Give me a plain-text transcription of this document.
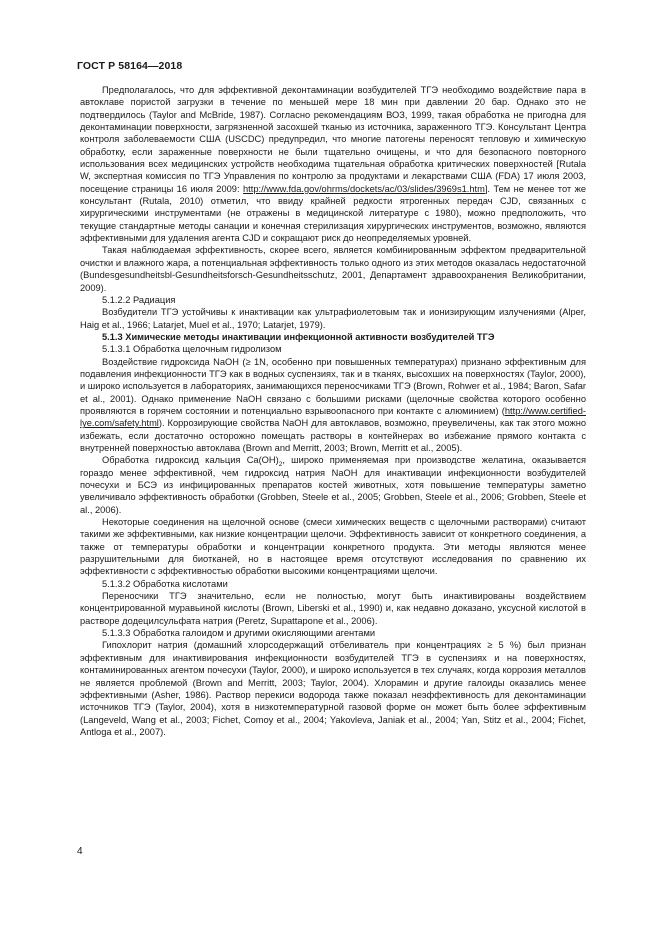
ГОСТ Р 58164—2018

Предполагалось, что для эффективной деконтаминации возбудителей ТГЭ необходимо воздействие пара в автоклаве пористой загрузки в течение по меньшей мере 18 мин при давлении 20 бар. Однако это не подтвердилось (Taylor and McBride, 1987). Согласно рекомендациям ВОЗ, 1999, такая обработка не пригодна для деконтаминации поверхности, загрязненной засохшей тканью из источника, зараженного ТГЭ. Консультант Центра контроля заболеваемости США (USCDC) предупредил, что многие патогены переносят тепловую и химическую обработку, если зараженные поверхности не были тщательно очищены, и что для безопасного повторного использования всех медицинских устройств необходима тщательная обработка критических поверхностей [Rutala W, экспертная комиссия по ТГЭ Управления по контролю за продуктами и лекарствами США (FDA) 17 июля 2003, посещение страницы 16 июля 2009: http://www.fda.gov/ohrms/dockets/ac/03/slides/3969s1.htm]. Тем не менее тот же консультант (Rutala, 2010) отметил, что ввиду крайней редкости ятрогенных передач CJD, связанных с хирургическими инструментами (не отражены в медицинской литературе с 1980), можно предположить, что текущие стандартные методы санации и конечная стерилизация хирургических инструментов, возможно, являются эффективными для удаления агента CJD и сокращают риск до неопределяемых уровней.

Такая наблюдаемая эффективность, скорее всего, является комбинированным эффектом предварительной очистки и влажного жара, а потенциальная эффективность только одного из этих методов оказалась недостаточной (Bundesgesundheitsbl-Gesundheitsforsch-Gesundheitsschutz, 2001, Департамент здравоохранения Великобритании, 2009).

5.1.2.2 Радиация

Возбудители ТГЭ устойчивы к инактивации как ультрафиолетовым так и ионизирующим излучениями (Alper, Haig et al., 1966; Latarjet, Muel et al., 1970; Latarjet, 1979).

5.1.3 Химические методы инактивации инфекционной активности возбудителей ТГЭ

5.1.3.1 Обработка щелочным гидролизом

Воздействие гидроксида NaOH (≥ 1N, особенно при повышенных температурах) признано эффективным для подавления инфекционности ТГЭ как в водных суспензиях, так и в тканях, высохших на поверхностях (Taylor, 2000), и широко используется в лабораториях, занимающихся переносчиками ТГЭ (Brown, Rohwer et al., 1984; Baron, Safar et al., 2001). Однако применение NaOH связано с большими рисками (щелочные свойства которого особенно проявляются в горячем состоянии и потенциально взрывоопасного при контакте с алюминием) (http://www.certified-lye.com/safety.html). Коррозирующие свойства NaOH для автоклавов, возможно, преувеличены, как так этого можно избежать, если достаточно осторожно помещать растворы в контейнерах во избежание прямого контакта с внутренней поверхностью автоклава (Brown and Merritt, 2003; Brown, Merritt et al., 2005).

Обработка гидроксид кальция $Ca(OH)_2$, широко применяемая при производстве желатина, оказывается гораздо менее эффективной, чем гидроксид натрия NaOH для инактивации инфекционности возбудителей почесухи и БСЭ из инфицированных препаратов костей животных, хотя повышение температуры заметно увеличивало эффективность обработки (Grobben, Steele et al., 2005; Grobben, Steele et al., 2006; Grobben, Steele et al., 2006).

Некоторые соединения на щелочной основе (смеси химических веществ с щелочными растворами) считают такими же эффективными, как низкие концентрации щелочи. Эффективность зависит от конкретного соединения, а также от температуры обработки и концентрации конкретного продукта. Эти методы являются менее разрушительными для биотканей, но в настоящее время отсутствуют исследования по сравнению их эффективности с эффективностью обработки высокими концентрациями щелочи.

5.1.3.2 Обработка кислотами

Переносчики ТГЭ значительно, если не полностью, могут быть инактивированы воздействием концентрированной муравьиной кислоты (Brown, Liberski et al., 1990) и, как недавно доказано, уксусной кислотой в растворе додецилсульфата натрия (Peretz, Supattapone et al., 2006).

5.1.3.3 Обработка галоидом и другими окисляющими агентами

Гипохлорит натрия (домашний хлорсодержащий отбеливатель при концентрациях ≥ 5 %) был признан эффективным для инактивирования инфекционности возбудителей ТГЭ в суспензиях и на поверхностях, контаминированных агентом почесухи (Taylor, 2000), и широко используется в тех случаях, когда коррозия металлов не является проблемой (Brown and Merritt, 2003; Taylor, 2004). Хлорамин и другие галоиды оказались менее эффективными (Asher, 1986). Раствор перекиси водорода также показал неэффективность для деконтаминации источников ТГЭ (Taylor, 2004), хотя в низкотемпературной газовой форме он может быть более эффективным (Langeveld, Wang et al., 2003; Fichet, Comoy et al., 2004; Yakovleva, Janiak et al., 2004; Yan, Stitz et al., 2004; Fichet, Antloga et al., 2007).

4
